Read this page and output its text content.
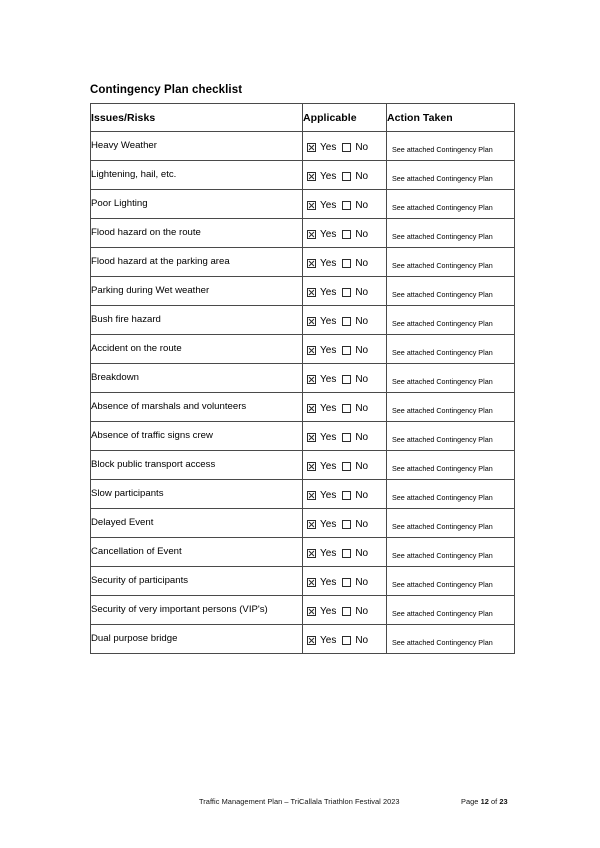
Contingency Plan checklist
Issues/Risks	Applicable	Action Taken
Heavy Weather	Yes No	See attached Contingency Plan

Lightening, hail, etc.	Yes No	See attached Contingency Plan

Poor Lighting	Yes No	See attached Contingency Plan

Flood hazard on the route	Yes No	See attached Contingency Plan

Flood hazard at the parking area	Yes No	See attached Contingency Plan

Parking during Wet weather	Yes No	See attached Contingency Plan

Bush fire hazard	Yes No	See attached Contingency Plan

Accident on the route	Yes No	See attached Contingency Plan

Breakdown	Yes No	See attached Contingency Plan

Absence of marshals and volunteers	Yes No	See attached Contingency Plan

Absence of traffic signs crew	Yes No	See attached Contingency Plan

Block public transport access	Yes No	See attached Contingency Plan

Slow participants	Yes No	See attached Contingency Plan

Delayed Event	Yes No	See attached Contingency Plan

Cancellation of Event	Yes No	See attached Contingency Plan

Security of participants	Yes No	See attached Contingency Plan

Security of very important persons (VIP's)	Yes No	See attached Contingency Plan

Dual purpose bridge	Yes No	See attached Contingency Plan
Traffic Management Plan – TriCallala Triathlon Festival 2023	Page 12 of 23
